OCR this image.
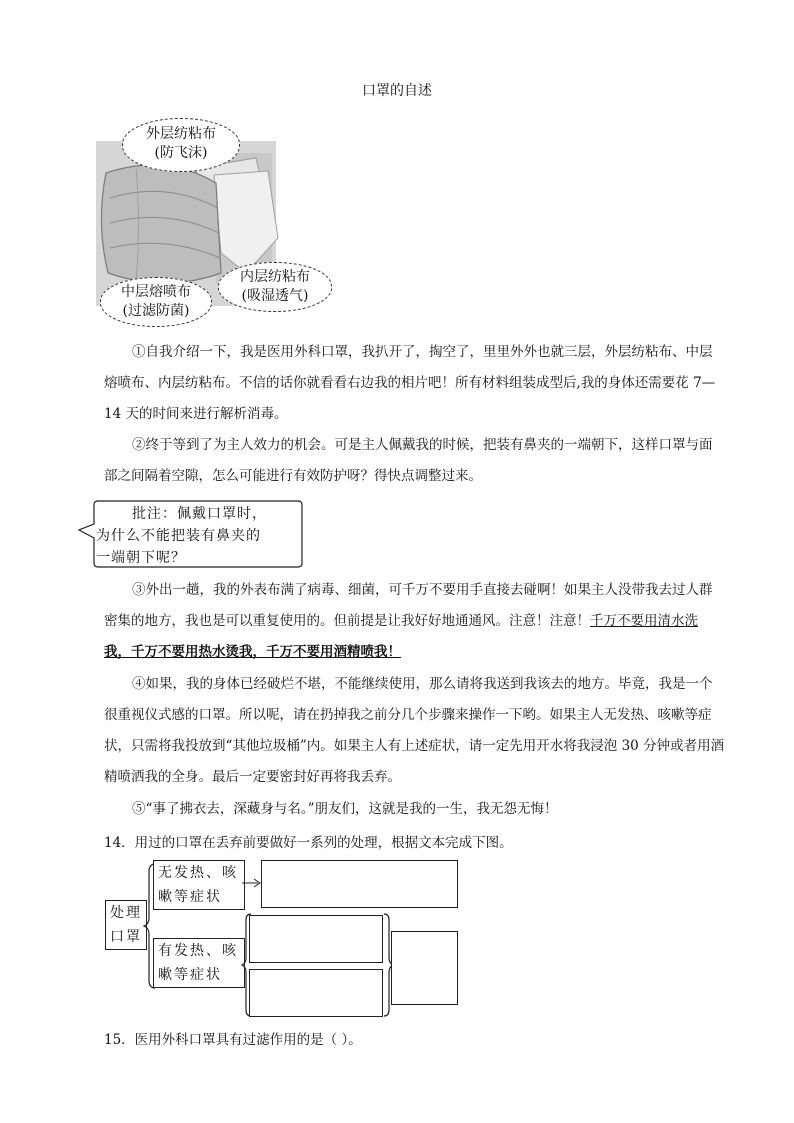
口罩的自述
外层纺粘布
(防飞沫)
中层熔喷布
(过滤防菌)
内层纺粘布
(吸湿透气)
①自我介绍一下，我是医用外科口罩，我扒开了，掏空了，里里外外也就三层，外层纺粘布、中层
熔喷布、内层纺粘布。不信的话你就看看右边我的相片吧！所有材料组装成型后,我的身体还需要花 7—
14 天的时间来进行解析消毒。
②终于等到了为主人效力的机会。可是主人佩戴我的时候，把装有鼻夹的一端朝下，这样口罩与面
部之间隔着空隙，怎么可能进行有效防护呀？得快点调整过来。
批注：佩戴口罩时，
为什么不能把装有鼻夹的
一端朝下呢？
③外出一趟，我的外表布满了病毒、细菌，可千万不要用手直接去碰啊！如果主人没带我去过人群
密集的地方，我也是可以重复使用的。但前提是让我好好地通通风。注意！注意！千万不要用清水洗
我，千万不要用热水烫我，千万不要用酒精喷我！
④如果，我的身体已经破烂不堪，不能继续使用，那么请将我送到我该去的地方。毕竟，我是一个
很重视仪式感的口罩。所以呢，请在扔掉我之前分几个步骤来操作一下哟。如果主人无发热、咳嗽等症
状，只需将我投放到“其他垃圾桶”内。如果主人有上述症状，请一定先用开水将我浸泡 30 分钟或者用酒
精喷洒我的全身。最后一定要密封好再将我丢弃。
⑤“事了拂衣去，深藏身与名。”朋友们，这就是我的一生，我无怨无悔！
14．用过的口罩在丢弃前要做好一系列的处理，根据文本完成下图。
处理
口罩
无发热、咳
嗽等症状
有发热、咳
嗽等症状
15．医用外科口罩具有过滤作用的是（ ）。
